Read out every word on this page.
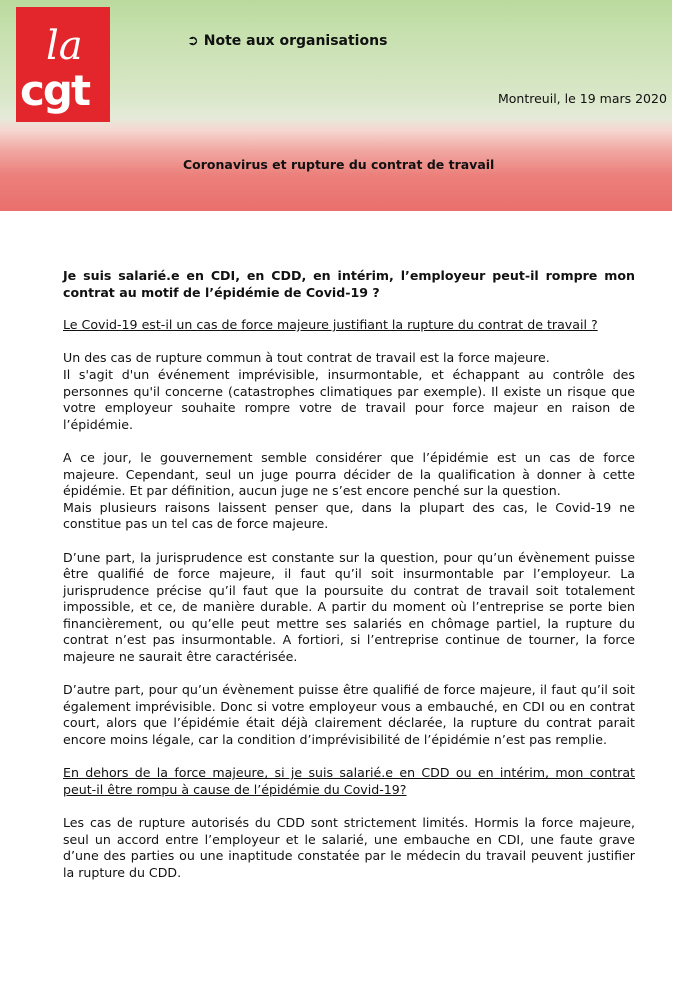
la
cgt
➲ Note aux organisations
Montreuil, le 19 mars 2020
Coronavirus et rupture du contrat de travail

Je suis salarié.e en CDI, en CDD, en intérim, l’employeur peut-il rompre mon contrat au motif de l’épidémie de Covid-19 ?

Le Covid-19 est-il un cas de force majeure justifiant la rupture du contrat de travail ?

Un des cas de rupture commun à tout contrat de travail est la force majeure.

Il s'agit d'un événement imprévisible, insurmontable, et échappant au contrôle des personnes qu'il concerne (catastrophes climatiques par exemple). Il existe un risque que votre employeur souhaite rompre votre de travail pour force majeur en raison de l’épidémie.

A ce jour, le gouvernement semble considérer que l’épidémie est un cas de force majeure. Cependant, seul un juge pourra décider de la qualification à donner à cette épidémie. Et par définition, aucun juge ne s’est encore penché sur la question.

Mais plusieurs raisons laissent penser que, dans la plupart des cas, le Covid-19 ne constitue pas un tel cas de force majeure.

D’une part, la jurisprudence est constante sur la question, pour qu’un évènement puisse être qualifié de force majeure, il faut qu’il soit insurmontable par l’employeur. La jurisprudence précise qu’il faut que la poursuite du contrat de travail soit totalement impossible, et ce, de manière durable. A partir du moment où l’entreprise se porte bien financièrement, ou qu’elle peut mettre ses salariés en chômage partiel, la rupture du contrat n’est pas insurmontable. A fortiori, si l’entreprise continue de tourner, la force majeure ne saurait être caractérisée.

D’autre part, pour qu’un évènement puisse être qualifié de force majeure, il faut qu’il soit également imprévisible. Donc si votre employeur vous a embauché, en CDI ou en contrat court, alors que l’épidémie était déjà clairement déclarée, la rupture du contrat parait encore moins légale, car la condition d’imprévisibilité de l’épidémie n’est pas remplie.

En dehors de la force majeure, si je suis salarié.e en CDD ou en intérim, mon contrat peut-il être rompu à cause de l’épidémie du Covid-19?

Les cas de rupture autorisés du CDD sont strictement limités. Hormis la force majeure, seul un accord entre l’employeur et le salarié, une embauche en CDI, une faute grave d’une des parties ou une inaptitude constatée par le médecin du travail peuvent justifier la rupture du CDD.
